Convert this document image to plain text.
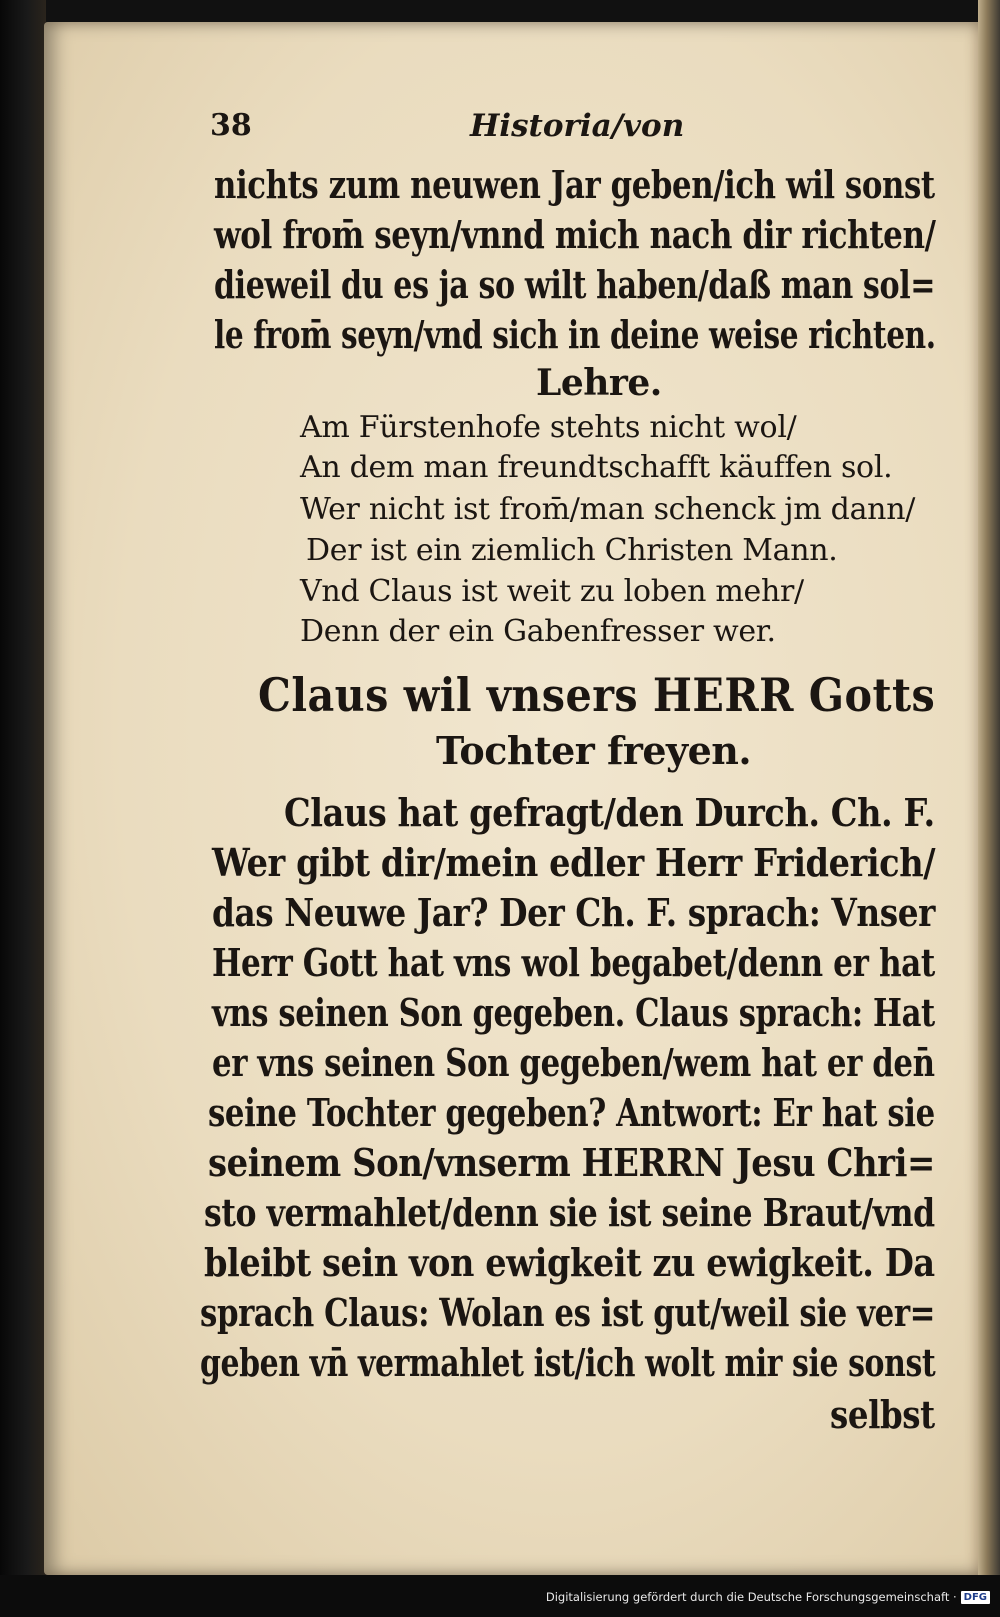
38	Historia/von
nichts zum neuwen Jar geben/ich wil sonst
wol from̄ seyn/vnnd mich nach dir richten/
dieweil du es ja so wilt haben/daß man sol=
le from̄ seyn/vnd sich in deine weise richten.
Lehre.
Am Fürstenhofe stehts nicht wol/
An dem man freundtschafft käuffen sol.
Wer nicht ist from̄/man schenck jm dann/
Der ist ein ziemlich Christen Mann.
Vnd Claus ist weit zu loben mehr/
Denn der ein Gabenfresser wer.
Claus wil vnsers HERR Gotts
Tochter freyen.
Claus hat gefragt/den Durch. Ch. F.
Wer gibt dir/mein edler Herr Friderich/
das Neuwe Jar? Der Ch. F. sprach: Vnser
Herr Gott hat vns wol begabet/denn er hat
vns seinen Son gegeben. Claus sprach: Hat
er vns seinen Son gegeben/wem hat er den̄
seine Tochter gegeben? Antwort: Er hat sie
seinem Son/vnserm HERRN Jesu Chri=
sto vermahlet/denn sie ist seine Braut/vnd
bleibt sein von ewigkeit zu ewigkeit. Da
sprach Claus: Wolan es ist gut/weil sie ver=
geben vn̄ vermahlet ist/ich wolt mir sie sonst
selbst
Digitalisierung gefördert durch die Deutsche Forschungsgemeinschaft · DFG
